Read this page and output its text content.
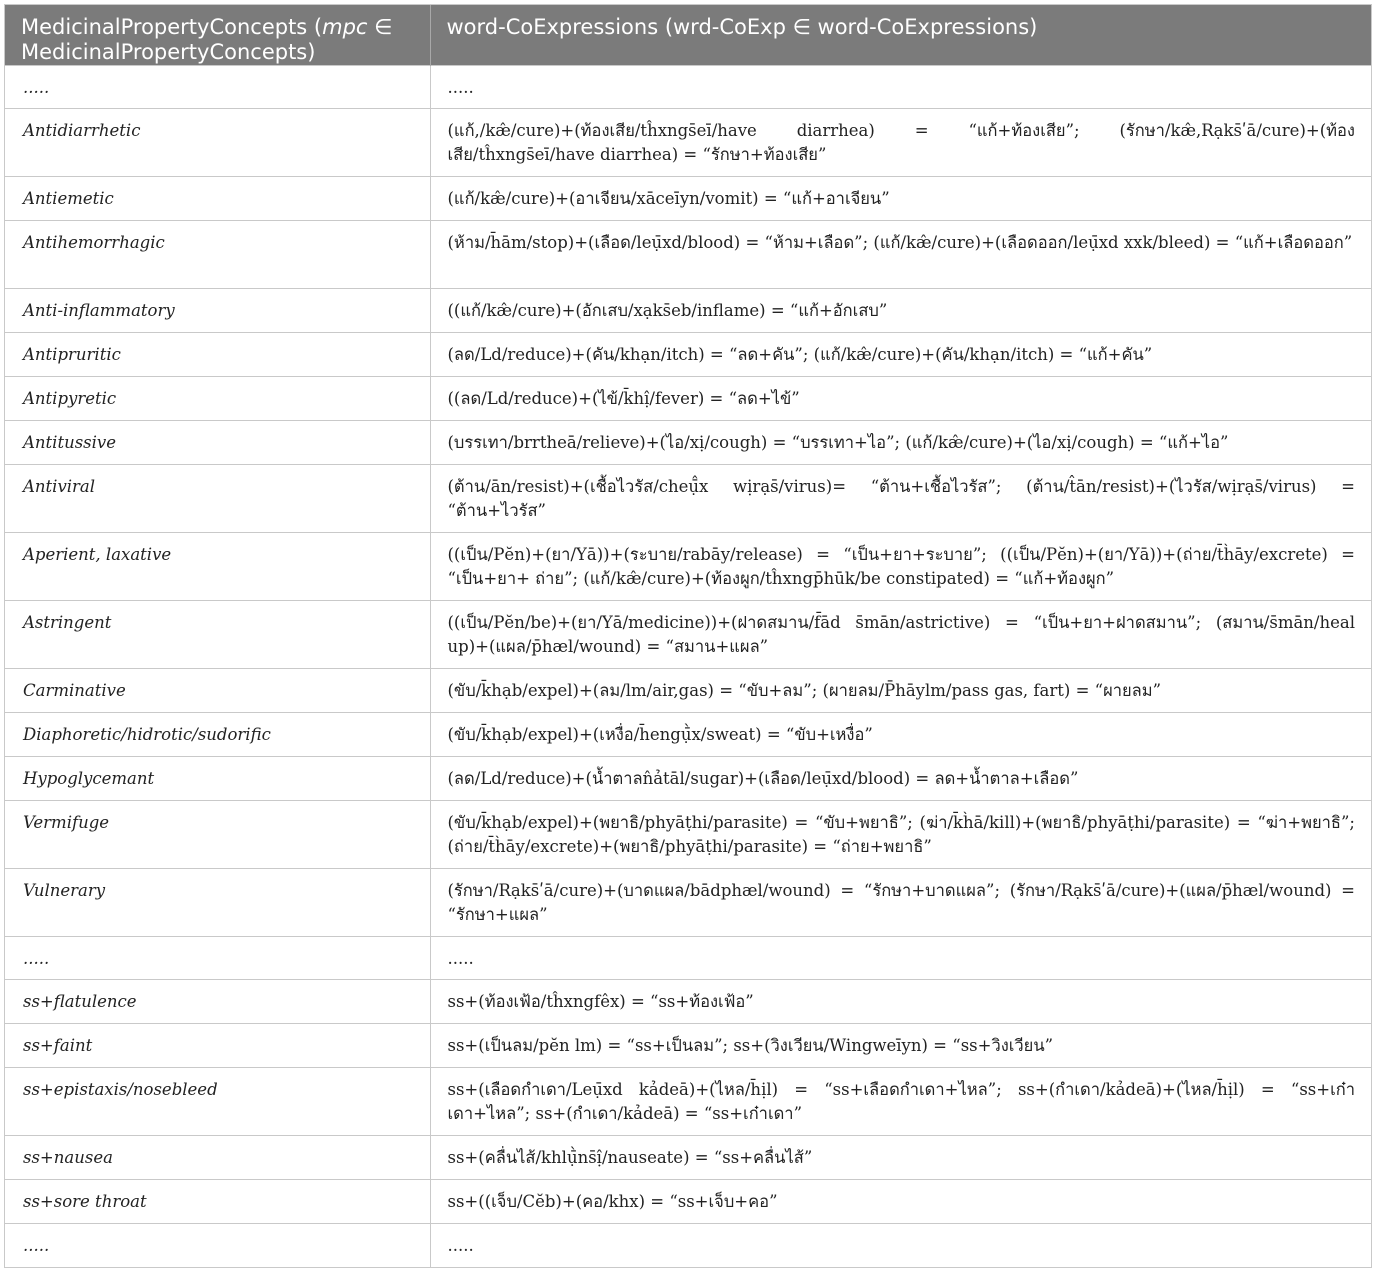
MedicinalPropertyConcepts (mpc ∈ MedicinalPropertyConcepts)	word-CoExpressions (wrd-CoExp ∈ word-CoExpressions)
.....	.....
Antidiarrhetic	(แก้,/kæ̂/cure)+(ท้องเสีย/tĥxngs̄eī/have diarrhea) = “แก้+ท้องเสีย”; (รักษา/kæ̂,Rạks̄ʹā/cure)+(ท้องเสีย/tĥxngs̄eī/have diarrhea) = “รักษา+ท้องเสีย”
Antiemetic	(แก้/kæ̂/cure)+(อาเจียน/xāceīyn/vomit) = “แก้+อาเจียน”
Antihemorrhagic	(ห้าม/h̄ām/stop)+(เลือด/leụ̄xd/blood) = “ห้าม+เลือด”; (แก้/kæ̂/cure)+(เลือดออก/leụ̄xd xxk/bleed) = “แก้+เลือดออก”
Anti-inflammatory	((แก้/kæ̂/cure)+(อักเสบ/xạks̄eb/inflame) = “แก้+อักเสบ”
Antipruritic	(ลด/Ld/reduce)+(คัน/khạn/itch) = “ลด+คัน”; (แก้/kæ̂/cure)+(คัน/khạn/itch) = “แก้+คัน”
Antipyretic	((ลด/Ld/reduce)+(ไข้/k̄hị̂/fever) = “ลด+ไข้”
Antitussive	(บรรเทา/brrtheā/relieve)+(ไอ/xị/cough) = “บรรเทา+ไอ”; (แก้/kæ̂/cure)+(ไอ/xị/cough) = “แก้+ไอ”
Antiviral	(ต้าน/ān/resist)+(เชื้อไวรัส/cheụ̄̂x wịrạs̄/virus)= “ต้าน+เชื้อไวรัส”; (ต้าน/t̂ān/resist)+(ไวรัส/wịrạs̄/virus) = “ต้าน+ไวรัส”
Aperient, laxative	((เป็น/Pĕn)+(ยา/Yā))+(ระบาย/rabāy/release) = “เป็น+ยา+ระบาย”; ((เป็น/Pĕn)+(ยา/Yā))+(ถ่าย/t̄h̀āy/excrete) = “เป็น+ยา+ ถ่าย”; (แก้/kæ̂/cure)+(ท้องผูก/tĥxngp̄hūk/be constipated) = “แก้+ท้องผูก”
Astringent	((เป็น/Pĕn/be)+(ยา/Yā/medicine))+(ฝาดสมาน/f̄ād s̄mān/astrictive) = “เป็น+ยา+ฝาดสมาน”; (สมาน/s̄mān/heal up)+(แผล/p̄hæl/wound) = “สมาน+แผล”
Carminative	(ขับ/k̄hạb/expel)+(ลม/lm/air,gas) = “ขับ+ลม”; (ผายลม/P̄hāylm/pass gas, fart) = “ผายลม”
Diaphoretic/hidrotic/sudorific	(ขับ/k̄hạb/expel)+(เหงื่อ/h̄engụ̄̀x/sweat) = “ขับ+เหงื่อ”
Hypoglycemant	(ลด/Ld/reduce)+(น้ำตาลn̂ảtāl/sugar)+(เลือด/leụ̄xd/blood) = ลด+น้ำตาล+เลือด”
Vermifuge	(ขับ/k̄hạb/expel)+(พยาธิ/phyāṭhi/parasite) = “ขับ+พยาธิ”; (ฆ่า/k̄h̀ā/kill)+(พยาธิ/phyāṭhi/parasite) = “ฆ่า+พยาธิ”; (ถ่าย/t̄h̀āy/excrete)+(พยาธิ/phyāṭhi/parasite) = “ถ่าย+พยาธิ”
Vulnerary	(รักษา/Rạks̄ʹā/cure)+(บาดแผล/bādphæl/wound) = “รักษา+บาดแผล”; (รักษา/Rạks̄ʹā/cure)+(แผล/p̄hæl/wound) = “รักษา+แผล”
.....	.....
ss+flatulence	ss+(ท้องเฟ้อ/tĥxngfêx) = “ss+ท้องเฟ้อ”
ss+faint	ss+(เป็นลม/pĕn lm) = “ss+เป็นลม”; ss+(วิงเวียน/Wingweīyn) = “ss+วิงเวียน”
ss+epistaxis/nosebleed	ss+(เลือดกำเดา/Leụ̄xd kảdeā)+(ไหล/h̄ịl) = “ss+เลือดกำเดา+ไหล”; ss+(กำเดา/kảdeā)+(ไหล/h̄ịl) = “ss+เก๋าเดา+ไหล”; ss+(กำเดา/kảdeā) = “ss+เก๋าเดา”
ss+nausea	ss+(คลื่นไส้/khlụ̄̀ns̄ị̂/nauseate) = “ss+คลื่นไส้”
ss+sore throat	ss+((เจ็บ/Cĕb)+(คอ/khx) = “ss+เจ็บ+คอ”
.....	.....
